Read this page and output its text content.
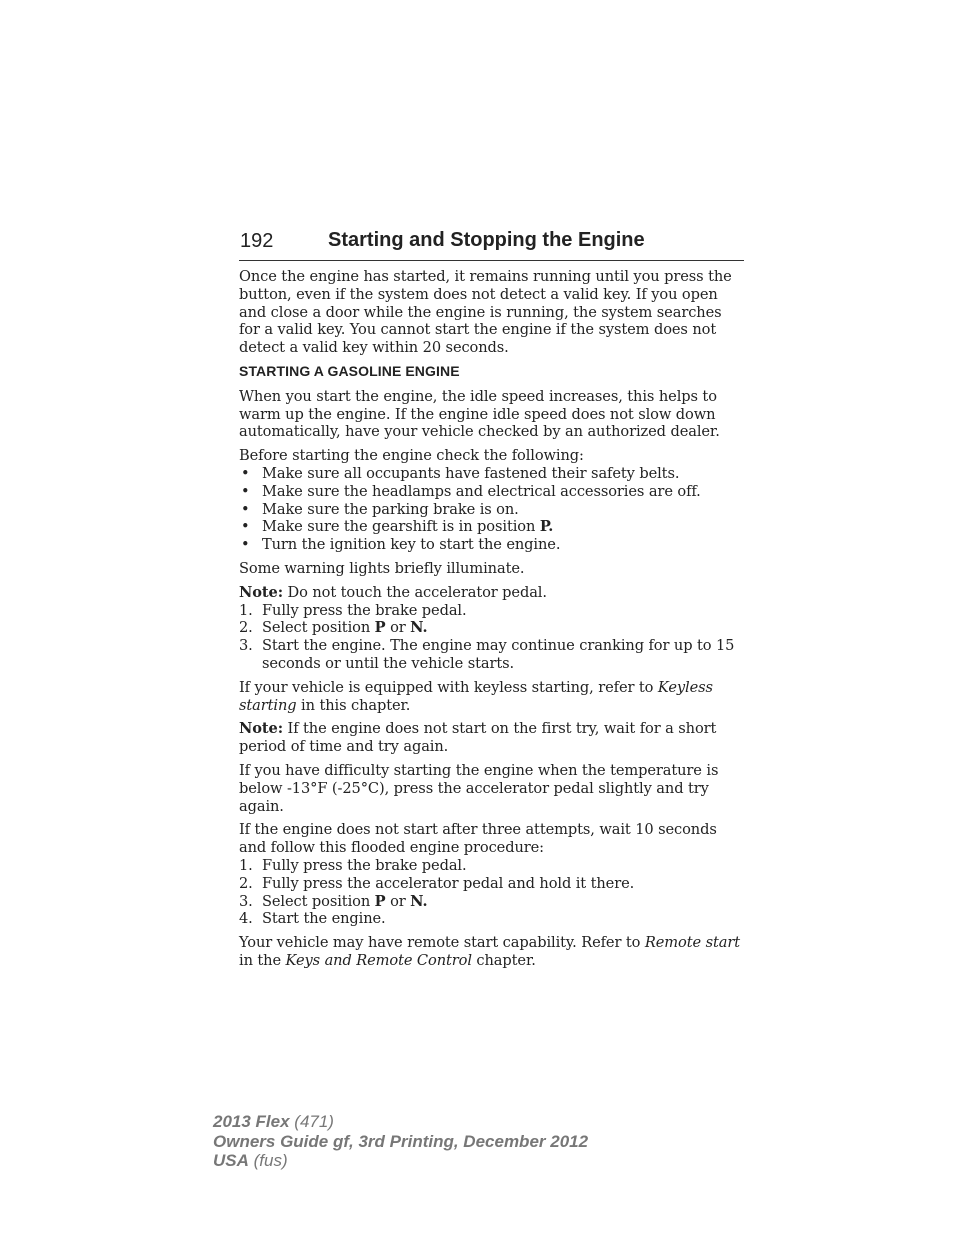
192	Starting and Stopping the Engine

Once the engine has started, it remains running until you press the button, even if the system does not detect a valid key. If you open and close a door while the engine is running, the system searches for a valid key. You cannot start the engine if the system does not detect a valid key within 20 seconds.

STARTING A GASOLINE ENGINE

When you start the engine, the idle speed increases, this helps to warm up the engine. If the engine idle speed does not slow down automatically, have your vehicle checked by an authorized dealer.

Before starting the engine check the following:

• Make sure all occupants have fastened their safety belts.
• Make sure the headlamps and electrical accessories are off.
• Make sure the parking brake is on.
• Make sure the gearshift is in position P.
• Turn the ignition key to start the engine.

Some warning lights briefly illuminate.

Note: Do not touch the accelerator pedal.

1. Fully press the brake pedal.
2. Select position P or N.
3. Start the engine. The engine may continue cranking for up to 15 seconds or until the vehicle starts.

If your vehicle is equipped with keyless starting, refer to Keyless starting in this chapter.

Note: If the engine does not start on the first try, wait for a short period of time and try again.

If you have difficulty starting the engine when the temperature is below -13°F (-25°C), press the accelerator pedal slightly and try again.

If the engine does not start after three attempts, wait 10 seconds and follow this flooded engine procedure:

1. Fully press the brake pedal.
2. Fully press the accelerator pedal and hold it there.
3. Select position P or N.
4. Start the engine.

Your vehicle may have remote start capability. Refer to Remote start in the Keys and Remote Control chapter.

2013 Flex (471)
Owners Guide gf, 3rd Printing, December 2012
USA (fus)
